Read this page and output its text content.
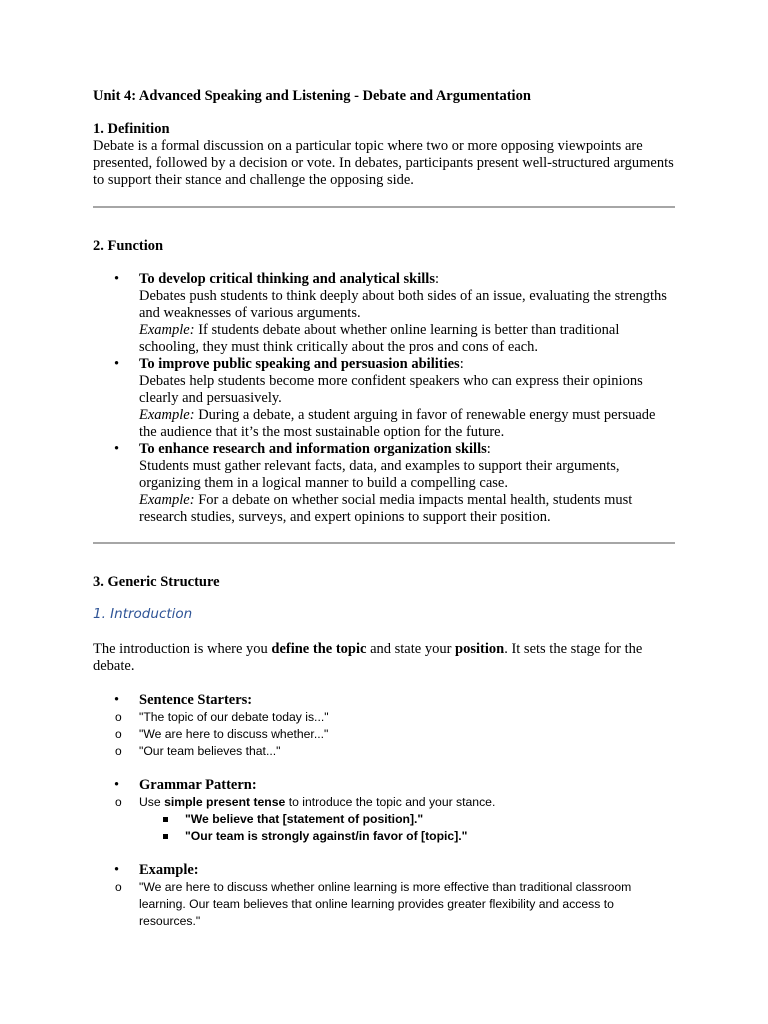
Unit 4: Advanced Speaking and Listening - Debate and Argumentation
1. Definition
Debate is a formal discussion on a particular topic where two or more opposing viewpoints are presented, followed by a decision or vote. In debates, participants present well-structured arguments to support their stance and challenge the opposing side.
2. Function
• To develop critical thinking and analytical skills:
Debates push students to think deeply about both sides of an issue, evaluating the strengths and weaknesses of various arguments.
Example: If students debate about whether online learning is better than traditional schooling, they must think critically about the pros and cons of each.
• To improve public speaking and persuasion abilities:
Debates help students become more confident speakers who can express their opinions clearly and persuasively.
Example: During a debate, a student arguing in favor of renewable energy must persuade the audience that it’s the most sustainable option for the future.
• To enhance research and information organization skills:
Students must gather relevant facts, data, and examples to support their arguments, organizing them in a logical manner to build a compelling case.
Example: For a debate on whether social media impacts mental health, students must research studies, surveys, and expert opinions to support their position.
3. Generic Structure
1. Introduction
The introduction is where you define the topic and state your position. It sets the stage for the debate.
• Sentence Starters:
o "The topic of our debate today is..."
o "We are here to discuss whether..."
o "Our team believes that..."
• Grammar Pattern:
o Use simple present tense to introduce the topic and your stance.
"We believe that [statement of position]."
"Our team is strongly against/in favor of [topic]."
• Example:
o "We are here to discuss whether online learning is more effective than traditional classroom learning. Our team believes that online learning provides greater flexibility and access to resources."
